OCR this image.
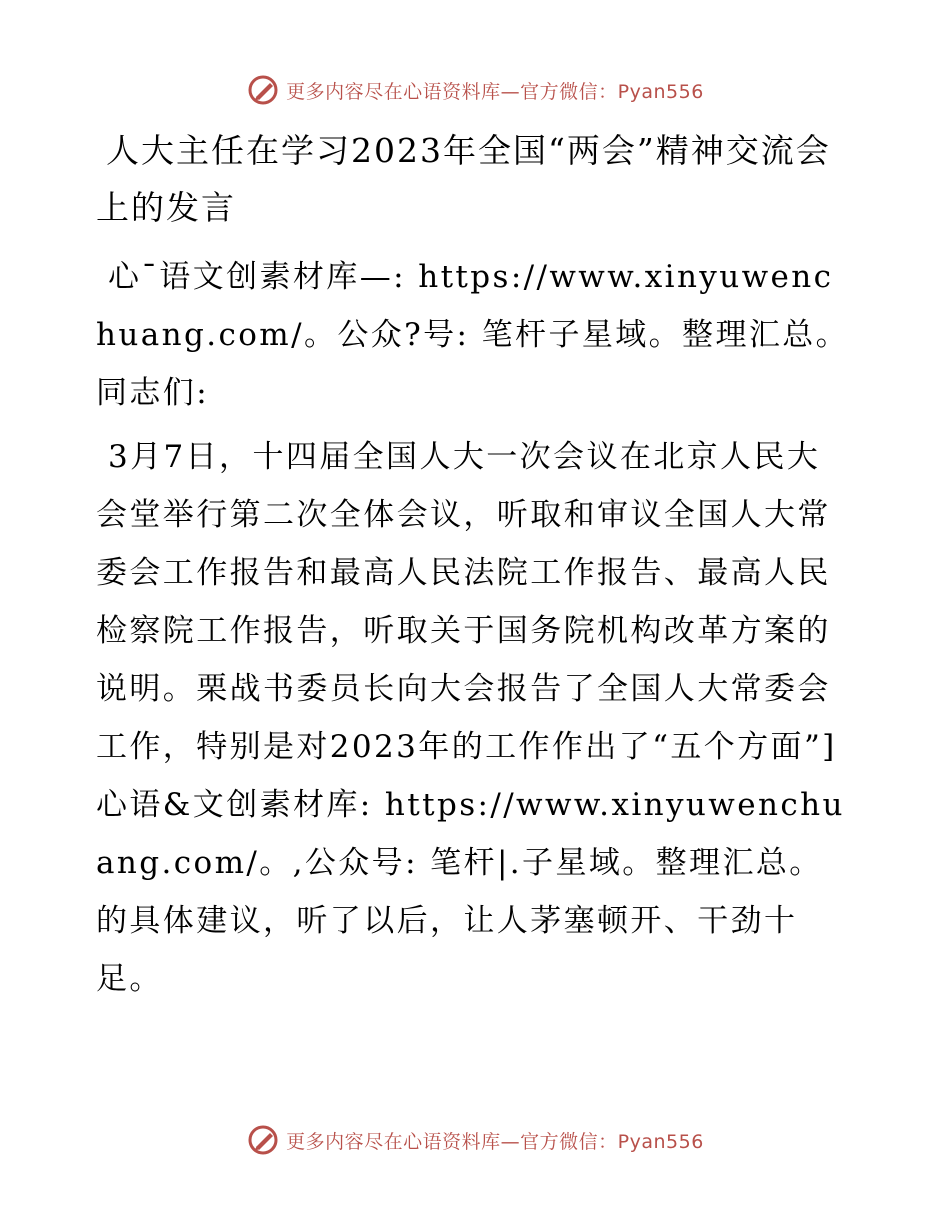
更多内容尽在心语资料库—官方微信：Pyan556
人大主任在学习2023年全国“两会”精神交流会上的发言

心¯语文创素材库—: https://www.xinyuwenchuang.com/。公众?号: 笔杆子星域。整理汇总。同志们:

3月7日，十四届全国人大一次会议在北京人民大会堂举行第二次全体会议，听取和审议全国人大常委会工作报告和最高人民法院工作报告、最高人民检察院工作报告，听取关于国务院机构改革方案的说明。栗战书委员长向大会报告了全国人大常委会工作，特别是对2023年的工作作出了“五个方面”]心语&文创素材库: https://www.xinyuwenchuang.com/。,公众号: 笔杆|.子星域。整理汇总。的具体建议，听了以后，让人茅塞顿开、干劲十足。

更多内容尽在心语资料库—官方微信：Pyan556
